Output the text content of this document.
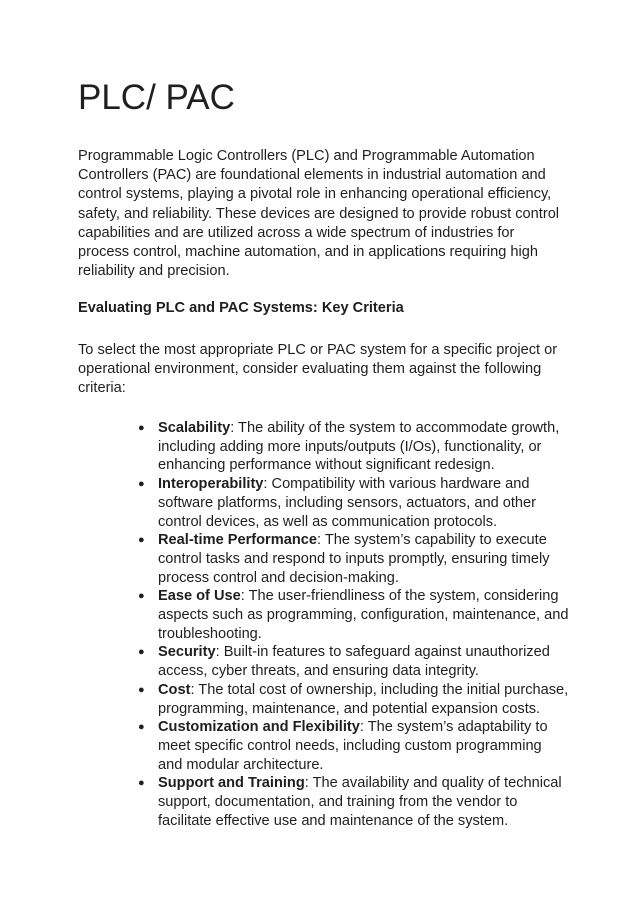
PLC/ PAC

Programmable Logic Controllers (PLC) and Programmable Automation Controllers (PAC) are foundational elements in industrial automation and control systems, playing a pivotal role in enhancing operational efficiency, safety, and reliability. These devices are designed to provide robust control capabilities and are utilized across a wide spectrum of industries for process control, machine automation, and in applications requiring high reliability and precision.

Evaluating PLC and PAC Systems: Key Criteria

To select the most appropriate PLC or PAC system for a specific project or operational environment, consider evaluating them against the following criteria:

● Scalability: The ability of the system to accommodate growth, including adding more inputs/outputs (I/Os), functionality, or enhancing performance without significant redesign.
● Interoperability: Compatibility with various hardware and software platforms, including sensors, actuators, and other control devices, as well as communication protocols.
● Real-time Performance: The system’s capability to execute control tasks and respond to inputs promptly, ensuring timely process control and decision-making.
● Ease of Use: The user-friendliness of the system, considering aspects such as programming, configuration, maintenance, and troubleshooting.
● Security: Built-in features to safeguard against unauthorized access, cyber threats, and ensuring data integrity.
● Cost: The total cost of ownership, including the initial purchase, programming, maintenance, and potential expansion costs.
● Customization and Flexibility: The system’s adaptability to meet specific control needs, including custom programming and modular architecture.
● Support and Training: The availability and quality of technical support, documentation, and training from the vendor to facilitate effective use and maintenance of the system.
